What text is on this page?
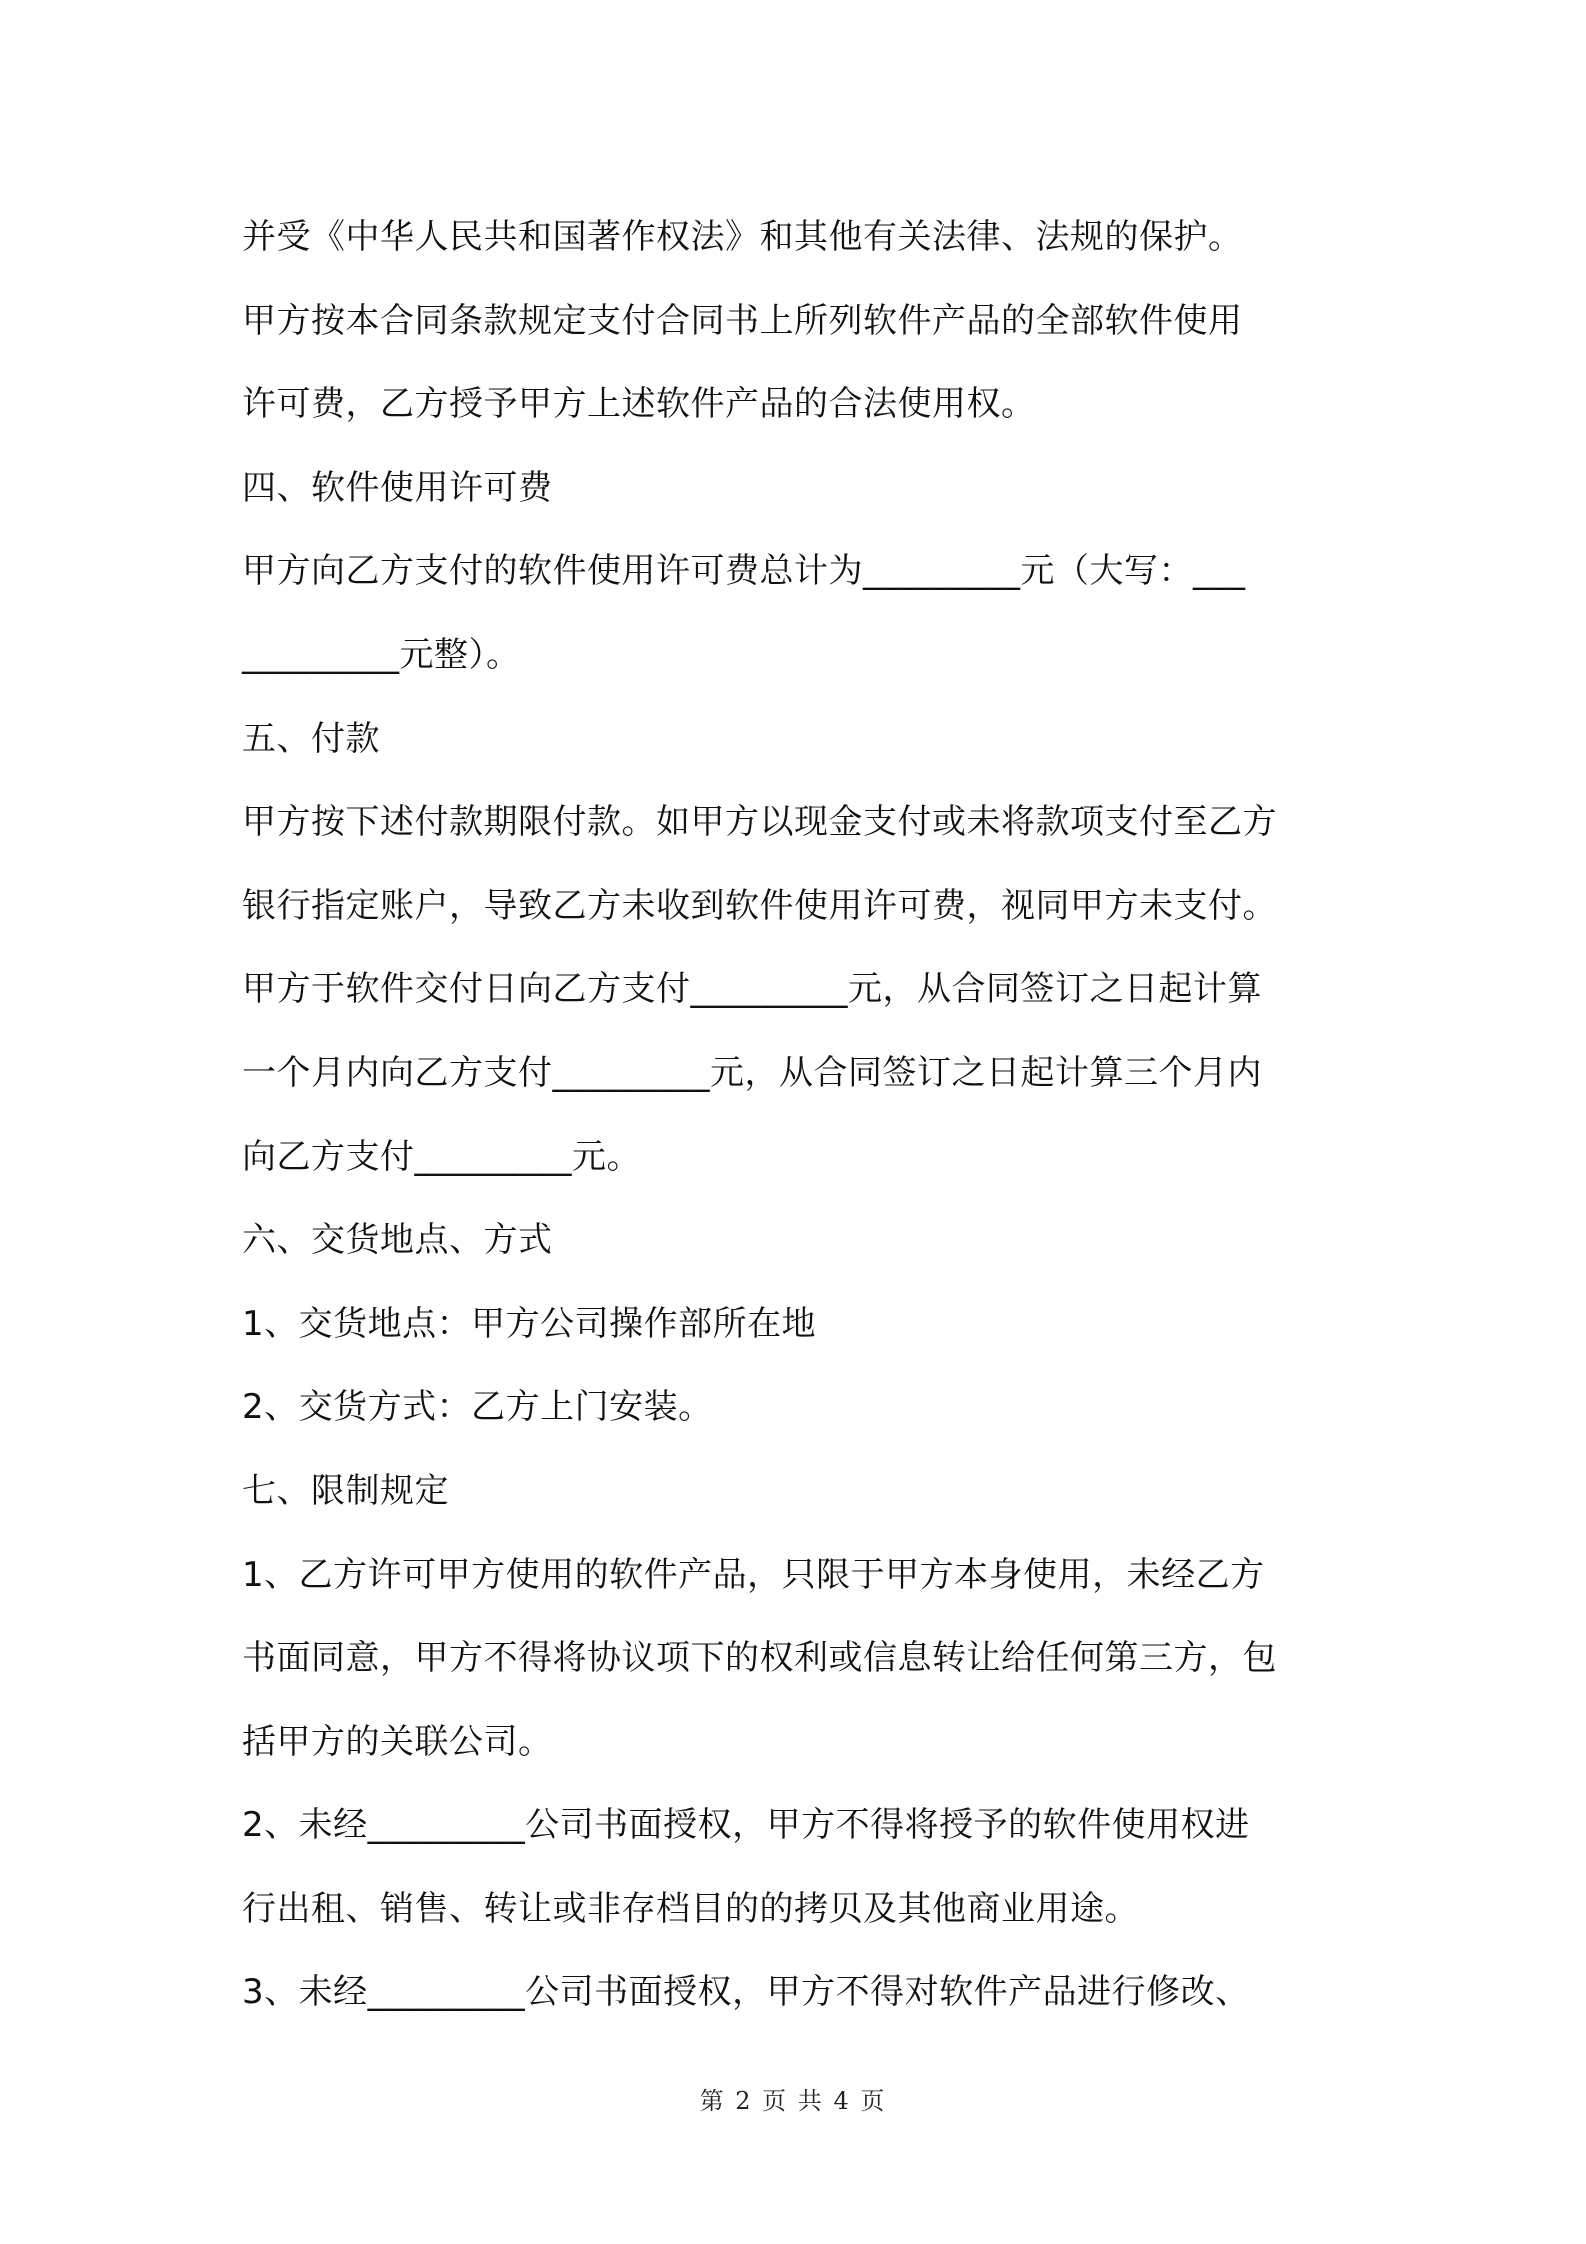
并受《中华人民共和国著作权法》和其他有关法律、法规的保护。
甲方按本合同条款规定支付合同书上所列软件产品的全部软件使用
许可费，乙方授予甲方上述软件产品的合法使用权。
四、软件使用许可费
甲方向乙方支付的软件使用许可费总计为_________元（大写：___
_________元整）。
五、付款
甲方按下述付款期限付款。如甲方以现金支付或未将款项支付至乙方
银行指定账户，导致乙方未收到软件使用许可费，视同甲方未支付。
甲方于软件交付日向乙方支付_________元，从合同签订之日起计算
一个月内向乙方支付_________元，从合同签订之日起计算三个月内
向乙方支付_________元。
六、交货地点、方式
1、交货地点：甲方公司操作部所在地
2、交货方式：乙方上门安装。
七、限制规定
1、乙方许可甲方使用的软件产品，只限于甲方本身使用，未经乙方
书面同意，甲方不得将协议项下的权利或信息转让给任何第三方，包
括甲方的关联公司。
2、未经_________公司书面授权，甲方不得将授予的软件使用权进
行出租、销售、转让或非存档目的的拷贝及其他商业用途。
3、未经_________公司书面授权，甲方不得对软件产品进行修改、
第 2 页 共 4 页
